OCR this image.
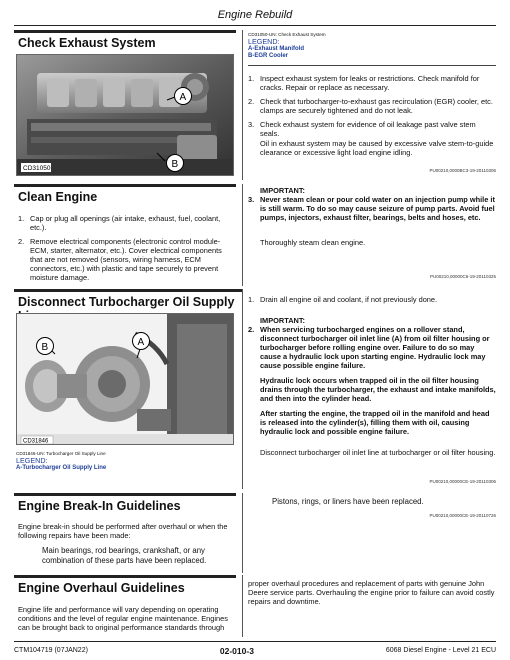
Engine Rebuild
Check Exhaust System
CD31050
A
B
CD31050-UN: Check Exhaust System
LEGEND:
A-Exhaust Manifold
B-EGR Cooler
1. Inspect exhaust system for leaks or restrictions. Check manifold for cracks. Repair or replace as necessary.
2. Check that turbocharger-to-exhaust gas recirculation (EGR) cooler, etc. clamps are securely tightened and do not leak.
3. Check exhaust system for evidence of oil leakage past valve stem seals.
Oil in exhaust system may be caused by excessive valve stem-to-guide clearance or excessive light load engine idling.
PU00210,0000BC3-19-20110306
Clean Engine
1. Cap or plug all openings (air intake, exhaust, fuel, coolant, etc.).
2. Remove electrical components (electronic control module-ECM, starter, alternator, etc.). Cover electrical components that are not removed (sensors, wiring harness, ECM connectors, etc.) with plastic and tape securely to prevent moisture damage.
IMPORTANT:
3. Never steam clean or pour cold water on an injection pump while it is still warm. To do so may cause seizure of pump parts. Avoid fuel pumps, injectors, exhaust filter, bearings, belts and hoses, etc.
Thoroughly steam clean engine.
PU00210,00000C6-19-20110325
Disconnect Turbocharger Oil Supply
CD31846
B	A
CD31846-UN: Turbocharger Oil Supply Line
LEGEND:
A-Turbocharger Oil Supply Line
1. Drain all engine oil and coolant, if not previously done.
IMPORTANT:
2. When servicing turbocharged engines on a rollover stand, disconnect turbocharger oil inlet line (A) from oil filter housing or turbocharger before rolling engine over. Failure to do so may cause a hydraulic lock upon starting engine. Hydraulic lock may cause possible engine failure.
Hydraulic lock occurs when trapped oil in the oil filter housing drains through the turbocharger, the exhaust and intake manifolds, and then into the cylinder head.
After starting the engine, the trapped oil in the manifold and head is released into the cylinder(s), filling them with oil, causing hydraulic lock and possible engine failure.
Disconnect turbocharger oil inlet line at turbocharger or oil filter housing.
PU00210,00000CE-19-20110306
Engine Break-In Guidelines
Engine break-in should be performed after overhaul or when the following repairs have been made:
Main bearings, rod bearings, crankshaft, or any combination of these parts have been replaced.
Pistons, rings, or liners have been replaced.
PU00210,00000CE-19-20110726
Engine Overhaul Guidelines
Engine life and performance will vary depending on operating conditions and the level of regular engine maintenance. Engines can be brought back to original performance standards through
proper overhaul procedures and replacement of parts with genuine John Deere service parts. Overhauling the engine prior to failure can avoid costly repairs and downtime.
CTM104719 (07JAN22)	02-010-3	6068 Diesel Engine - Level 21 ECU
